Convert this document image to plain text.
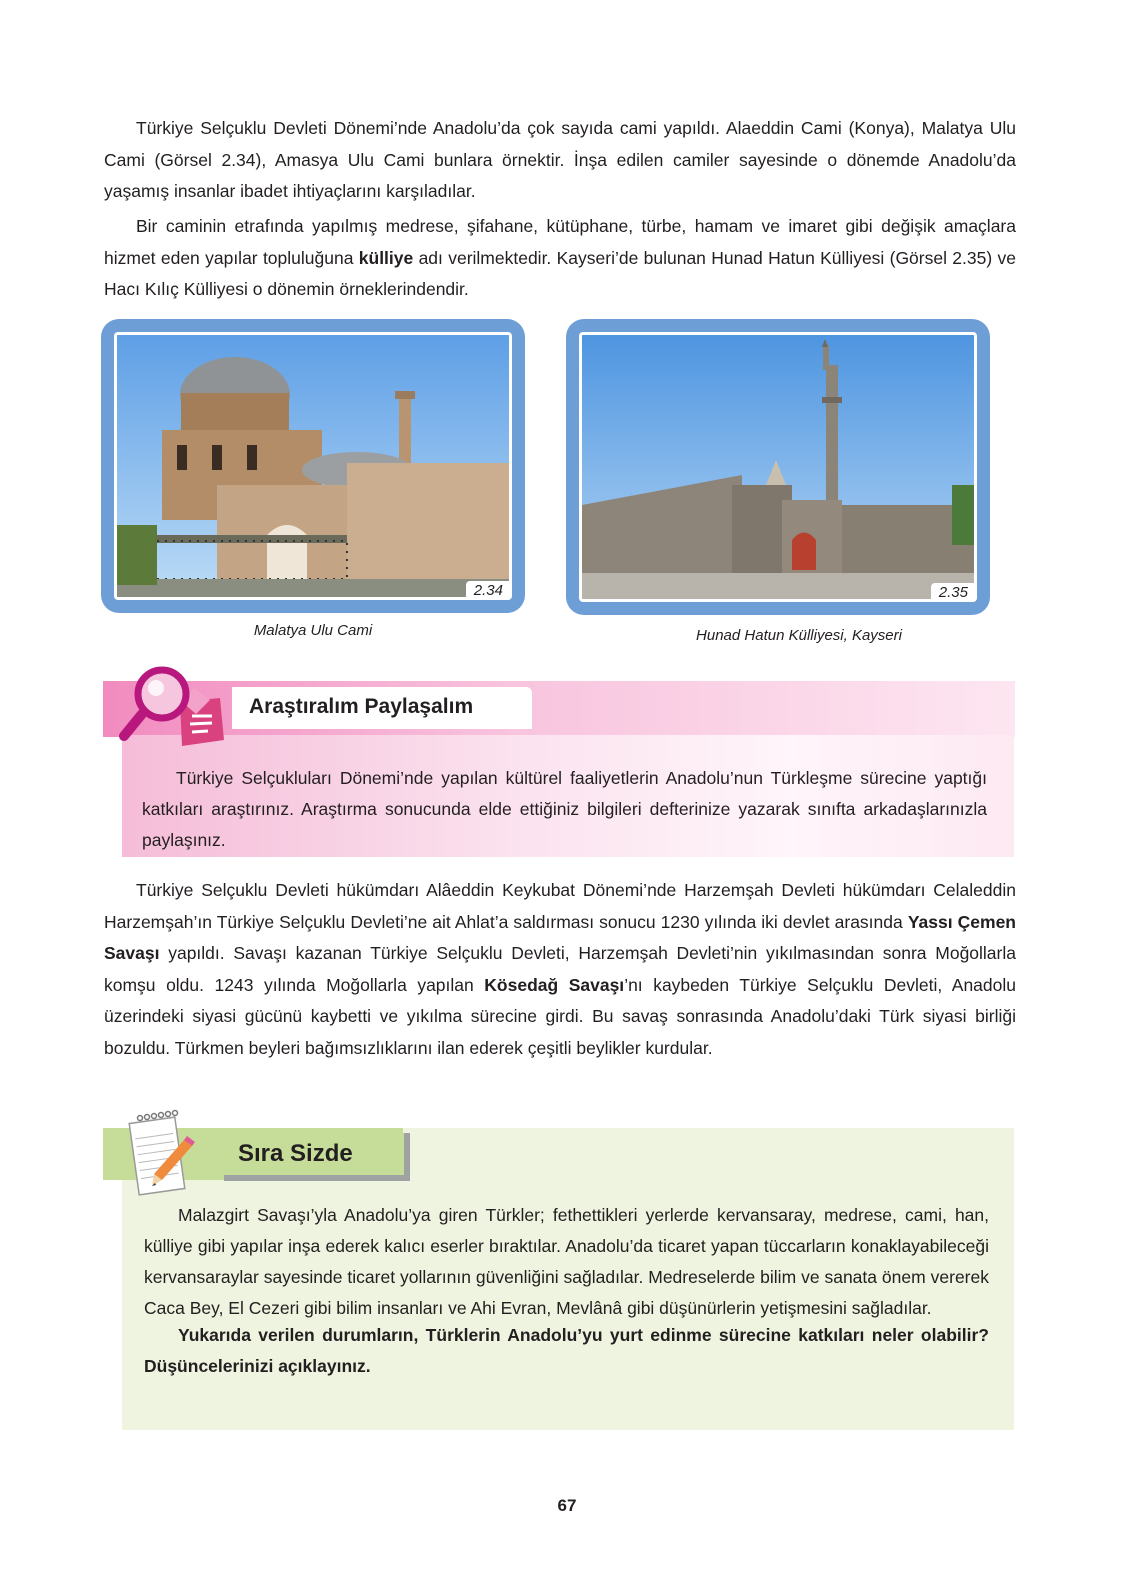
Türkiye Selçuklu Devleti Dönemi’nde Anadolu’da çok sayıda cami yapıldı. Alaeddin Cami (Konya), Malatya Ulu Cami (Görsel 2.34), Amasya Ulu Cami bunlara örnektir. İnşa edilen camiler sayesinde o dönemde Anadolu’da yaşamış insanlar ibadet ihtiyaçlarını karşıladılar.

Bir caminin etrafında yapılmış medrese, şifahane, kütüphane, türbe, hamam ve imaret gibi değişik amaçlara hizmet eden yapılar topluluğuna külliye adı verilmektedir. Kayseri’de bulunan Hunad Hatun Külliyesi (Görsel 2.35) ve Hacı Kılıç Külliyesi o dönemin örneklerindendir.

2.34
Malatya Ulu Cami
2.35
Hunad Hatun Külliyesi, Kayseri

Türkiye Selçukluları Dönemi’nde yapılan kültürel faaliyetlerin Anadolu’nun Türkleşme sürecine yaptığı katkıları araştırınız. Araştırma sonucunda elde ettiğiniz bilgileri defterinize yazarak sınıfta arkadaşlarınızla paylaşınız.

Araştıralım Paylaşalım

Türkiye Selçuklu Devleti hükümdarı Alâeddin Keykubat Dönemi’nde Harzemşah Devleti hükümdarı Celaleddin Harzemşah’ın Türkiye Selçuklu Devleti’ne ait Ahlat’a saldırması sonucu 1230 yılında iki devlet arasında Yassı Çemen Savaşı yapıldı. Savaşı kazanan Türkiye Selçuklu Devleti, Harzemşah Devleti’nin yıkılmasından sonra Moğollarla komşu oldu. 1243 yılında Moğollarla yapılan Kösedağ Savaşı’nı kaybeden Türkiye Selçuklu Devleti, Anadolu üzerindeki siyasi gücünü kaybetti ve yıkılma sürecine girdi. Bu savaş sonrasında Anadolu’daki Türk siyasi birliği bozuldu. Türkmen beyleri bağımsızlıklarını ilan ederek çeşitli beylikler kurdular.

Malazgirt Savaşı’yla Anadolu’ya giren Türkler; fethettikleri yerlerde kervansaray, medrese, cami, han, külliye gibi yapılar inşa ederek kalıcı eserler bıraktılar. Anadolu’da ticaret yapan tüccarların konaklayabileceği kervansaraylar sayesinde ticaret yollarının güvenliğini sağladılar. Medreselerde bilim ve sanata önem vererek Caca Bey, El Cezeri gibi bilim insanları ve Ahi Evran, Mevlânâ gibi düşünürlerin yetişmesini sağladılar.

Yukarıda verilen durumların, Türklerin Anadolu’yu yurt edinme sürecine katkıları neler olabilir? Düşüncelerinizi açıklayınız.

Sıra Sizde
67
